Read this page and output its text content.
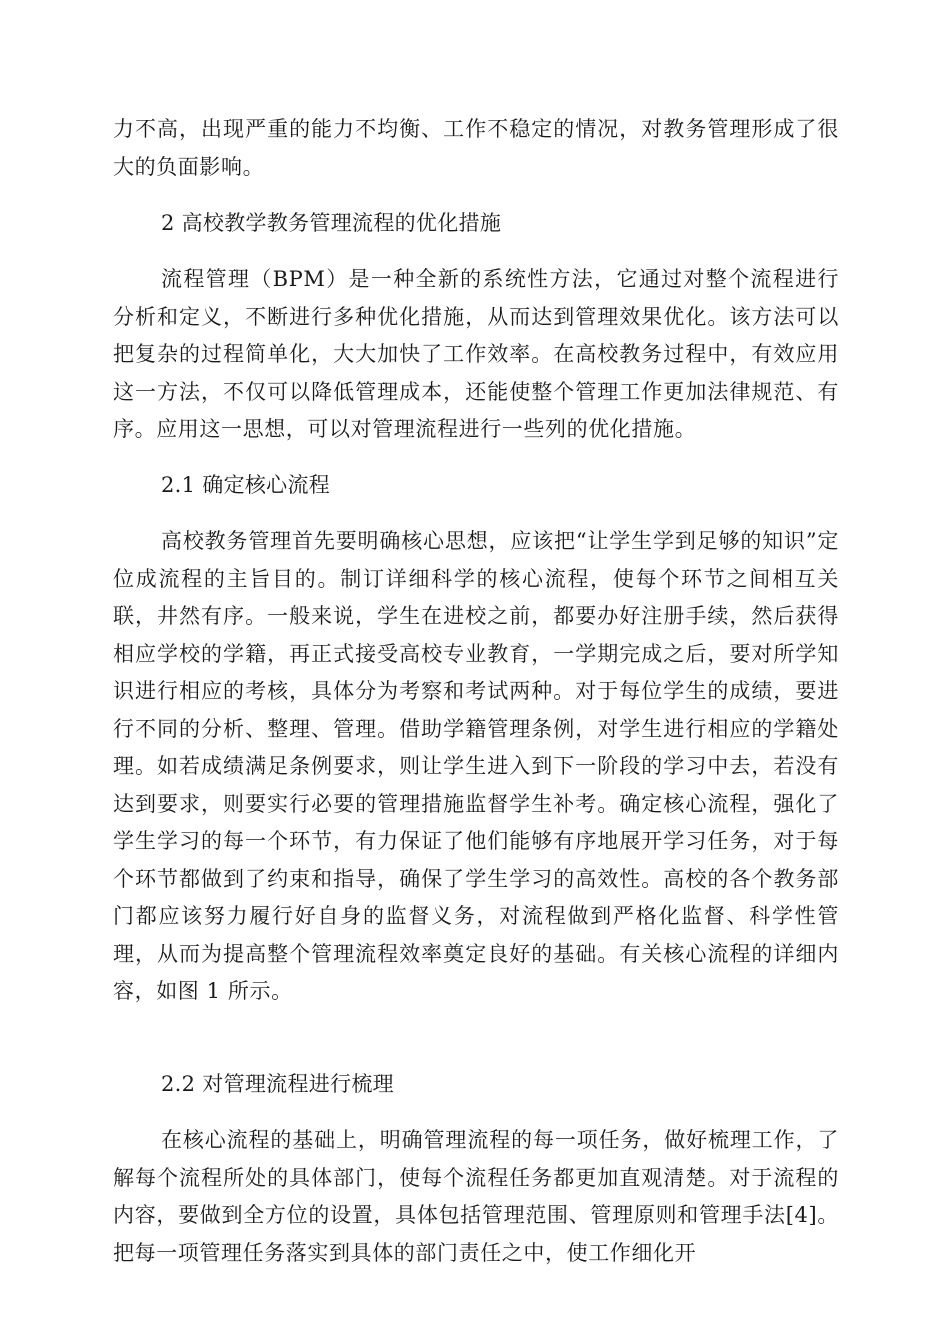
力不高，出现严重的能力不均衡、工作不稳定的情况，对教务管理形成了很大的负面影响。

2 高校教学教务管理流程的优化措施

流程管理（BPM）是一种全新的系统性方法，它通过对整个流程进行分析和定义，不断进行多种优化措施，从而达到管理效果优化。该方法可以把复杂的过程简单化，大大加快了工作效率。在高校教务过程中，有效应用这一方法，不仅可以降低管理成本，还能使整个管理工作更加法律规范、有序。应用这一思想，可以对管理流程进行一些列的优化措施。

2.1 确定核心流程

高校教务管理首先要明确核心思想，应该把“让学生学到足够的知识”定位成流程的主旨目的。制订详细科学的核心流程，使每个环节之间相互关联，井然有序。一般来说，学生在进校之前，都要办好注册手续，然后获得相应学校的学籍，再正式接受高校专业教育，一学期完成之后，要对所学知识进行相应的考核，具体分为考察和考试两种。对于每位学生的成绩，要进行不同的分析、整理、管理。借助学籍管理条例，对学生进行相应的学籍处理。如若成绩满足条例要求，则让学生进入到下一阶段的学习中去，若没有达到要求，则要实行必要的管理措施监督学生补考。确定核心流程，强化了学生学习的每一个环节，有力保证了他们能够有序地展开学习任务，对于每个环节都做到了约束和指导，确保了学生学习的高效性。高校的各个教务部门都应该努力履行好自身的监督义务，对流程做到严格化监督、科学性管理，从而为提高整个管理流程效率奠定良好的基础。有关核心流程的详细内容，如图 1 所示。

2.2 对管理流程进行梳理

在核心流程的基础上，明确管理流程的每一项任务，做好梳理工作，了解每个流程所处的具体部门，使每个流程任务都更加直观清楚。对于流程的内容，要做到全方位的设置，具体包括管理范围、管理原则和管理手法[4]。把每一项管理任务落实到具体的部门责任之中，使工作细化开
